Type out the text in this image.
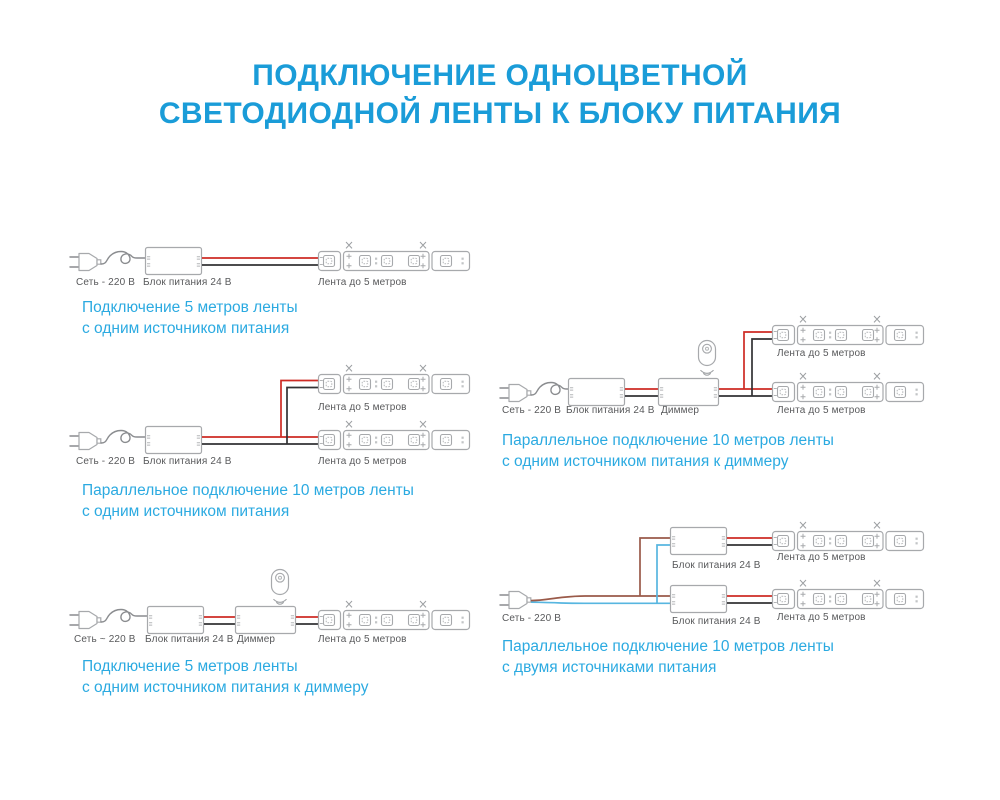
ПОДКЛЮЧЕНИЕ ОДНОЦВЕТНОЙ
СВЕТОДИОДНОЙ ЛЕНТЫ К БЛОКУ ПИТАНИЯ
Сеть - 220 В Блок питания 24 В	Лента до 5 метров
Подключение 5 метров ленты
с одним источником питания
Лента до 5 метров
Лента до 5 метров
Сеть - 220 В Блок питания 24 В
Параллельное подключение 10 метров ленты
с одним источником питания
Сеть ~ 220 В Блок питания 24 В Диммер	Лента до 5 метров
Подключение 5 метров ленты
с одним источником питания к диммеру
Лента до 5 метров
Сеть - 220 В Блок питания 24 В Диммер	Лента до 5 метров
Параллельное подключение 10 метров ленты
с одним источником питания к диммеру
Лента до 5 метров
Блок питания 24 В
Сеть - 220 В	Лента до 5 метров
Блок питания 24 В
Параллельное подключение 10 метров ленты
с двумя источниками питания
